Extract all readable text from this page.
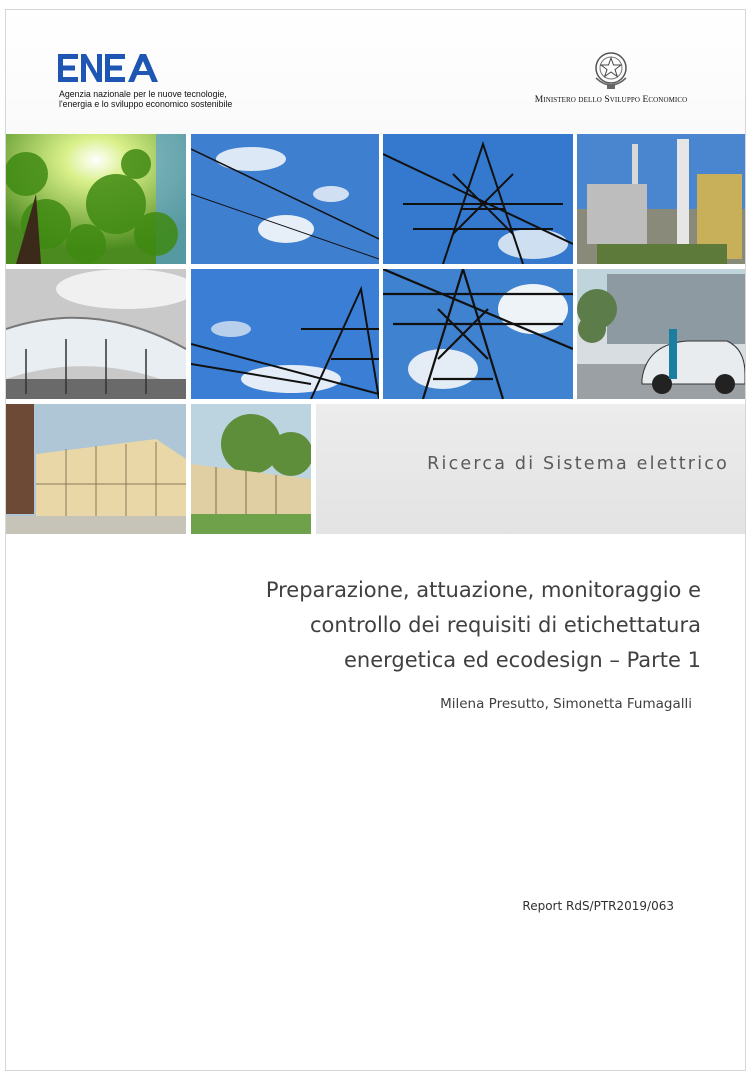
Agenzia nazionale per le nuove tecnologie,
l'energia e lo sviluppo economico sostenibile	Ministero dello Sviluppo Economico
Ricerca di Sistema elettrico
Preparazione, attuazione, monitoraggio e
controllo dei requisiti di etichettatura
energetica ed ecodesign – Parte 1
Milena Presutto, Simonetta Fumagalli
Report RdS/PTR2019/063
